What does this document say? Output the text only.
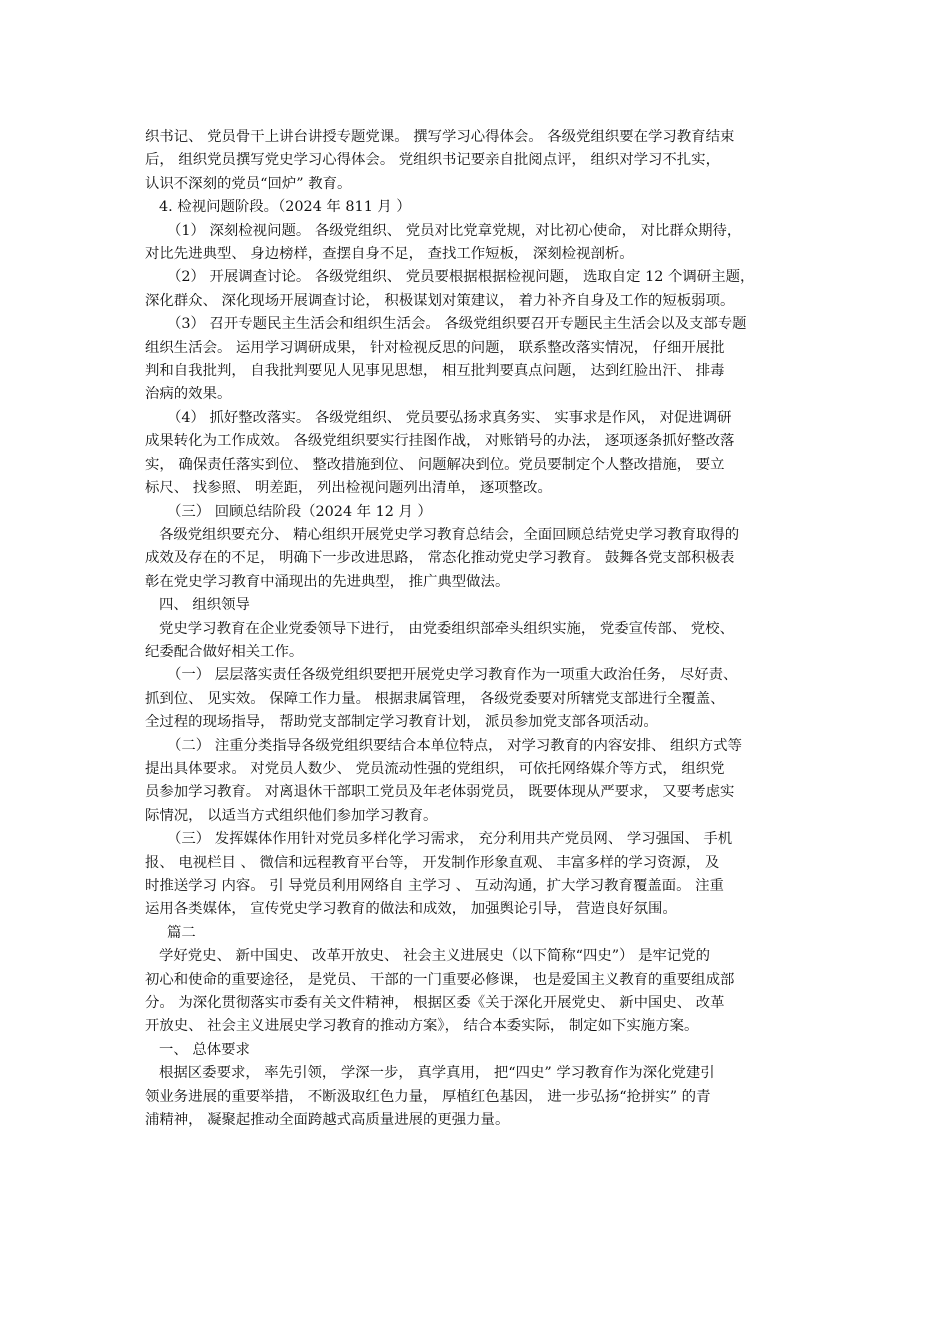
织书记、 党员骨干上讲台讲授专题党课。 撰写学习心得体会。 各级党组织要在学习教育结束
后， 组织党员撰写党史学习心得体会。 党组织书记要亲自批阅点评， 组织对学习不扎实，
认识不深刻的党员“回炉” 教育。
4. 检视问题阶段。（2024 年 811 月 ）
（1） 深刻检视问题。 各级党组织、 党员对比党章党规，对比初心使命， 对比群众期待，
对比先进典型、 身边榜样，查摆自身不足， 查找工作短板， 深刻检视剖析。
（2） 开展调查讨论。 各级党组织、 党员要根据根据检视问题， 选取自定 12 个调研主题，
深化群众、 深化现场开展调查讨论， 积极谋划对策建议， 着力补齐自身及工作的短板弱项。
（3） 召开专题民主生活会和组织生活会。 各级党组织要召开专题民主生活会以及支部专题
组织生活会。 运用学习调研成果， 针对检视反思的问题， 联系整改落实情况， 仔细开展批
判和自我批判， 自我批判要见人见事见思想， 相互批判要真点问题， 达到红脸出汗、 排毒
治病的效果。
（4） 抓好整改落实。 各级党组织、 党员要弘扬求真务实、 实事求是作风， 对促进调研
成果转化为工作成效。 各级党组织要实行挂图作战， 对账销号的办法， 逐项逐条抓好整改落
实， 确保责任落实到位、 整改措施到位、 问题解决到位。党员要制定个人整改措施， 要立
标尺、 找参照、 明差距， 列出检视问题列出清单， 逐项整改。
（三） 回顾总结阶段（2024 年 12 月 ）
各级党组织要充分、 精心组织开展党史学习教育总结会，全面回顾总结党史学习教育取得的
成效及存在的不足， 明确下一步改进思路， 常态化推动党史学习教育。 鼓舞各党支部积极表
彰在党史学习教育中涌现出的先进典型， 推广典型做法。
四、 组织领导
党史学习教育在企业党委领导下进行， 由党委组织部牵头组织实施， 党委宣传部、 党校、
纪委配合做好相关工作。
（一） 层层落实责任各级党组织要把开展党史学习教育作为一项重大政治任务， 尽好责、
抓到位、 见实效。 保障工作力量。 根据隶属管理， 各级党委要对所辖党支部进行全覆盖、
全过程的现场指导， 帮助党支部制定学习教育计划， 派员参加党支部各项活动。
（二） 注重分类指导各级党组织要结合本单位特点， 对学习教育的内容安排、 组织方式等
提出具体要求。 对党员人数少、 党员流动性强的党组织， 可依托网络媒介等方式， 组织党
员参加学习教育。 对离退休干部职工党员及年老体弱党员， 既要体现从严要求， 又要考虑实
际情况， 以适当方式组织他们参加学习教育。
（三） 发挥媒体作用针对党员多样化学习需求， 充分利用共产党员网、 学习强国、 手机
报、 电视栏目 、 微信和远程教育平台等， 开发制作形象直观、 丰富多样的学习资源， 及
时推送学习 内容。 引 导党员利用网络自 主学习 、 互动沟通，扩大学习教育覆盖面。 注重
运用各类媒体， 宣传党史学习教育的做法和成效， 加强舆论引导， 营造良好氛围。
篇二
学好党史、 新中国史、 改革开放史、 社会主义进展史（以下简称“四史”） 是牢记党的
初心和使命的重要途径， 是党员、 干部的一门重要必修课， 也是爱国主义教育的重要组成部
分。 为深化贯彻落实市委有关文件精神， 根据区委《关于深化开展党史、 新中国史、 改革
开放史、 社会主义进展史学习教育的推动方案》， 结合本委实际， 制定如下实施方案。
一、 总体要求
根据区委要求， 率先引领， 学深一步， 真学真用， 把“四史” 学习教育作为深化党建引
领业务进展的重要举措， 不断汲取红色力量， 厚植红色基因， 进一步弘扬“抢拼实” 的青
浦精神， 凝聚起推动全面跨越式高质量进展的更强力量。
